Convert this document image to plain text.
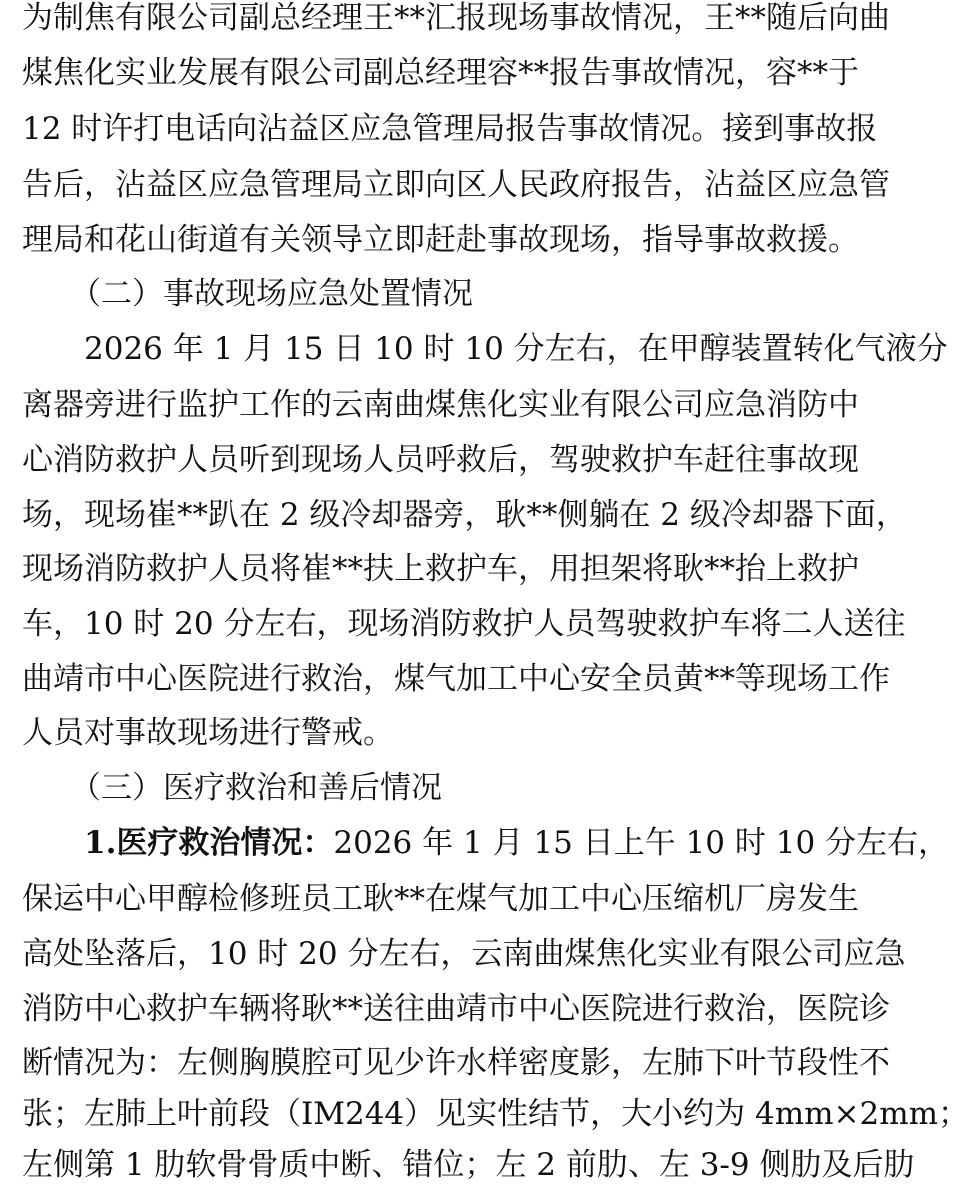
为制焦有限公司副总经理王**汇报现场事故情况，王**随后向曲
煤焦化实业发展有限公司副总经理容**报告事故情况，容**于
12 时许打电话向沾益区应急管理局报告事故情况。接到事故报
告后，沾益区应急管理局立即向区人民政府报告，沾益区应急管
理局和花山街道有关领导立即赶赴事故现场，指导事故救援。
（二）事故现场应急处置情况
2026 年 1 月 15 日 10 时 10 分左右，在甲醇装置转化气液分
离器旁进行监护工作的云南曲煤焦化实业有限公司应急消防中
心消防救护人员听到现场人员呼救后，驾驶救护车赶往事故现
场，现场崔**趴在 2 级冷却器旁，耿**侧躺在 2 级冷却器下面，
现场消防救护人员将崔**扶上救护车，用担架将耿**抬上救护
车，10 时 20 分左右，现场消防救护人员驾驶救护车将二人送往
曲靖市中心医院进行救治，煤气加工中心安全员黄**等现场工作
人员对事故现场进行警戒。
（三）医疗救治和善后情况
1.医疗救治情况：2026 年 1 月 15 日上午 10 时 10 分左右，
保运中心甲醇检修班员工耿**在煤气加工中心压缩机厂房发生
高处坠落后，10 时 20 分左右，云南曲煤焦化实业有限公司应急
消防中心救护车辆将耿**送往曲靖市中心医院进行救治，医院诊
断情况为：左侧胸膜腔可见少许水样密度影，左肺下叶节段性不
张；左肺上叶前段（IM244）见实性结节，大小约为 4mm×2mm；
左侧第 1 肋软骨骨质中断、错位；左 2 前肋、左 3-9 侧肋及后肋
